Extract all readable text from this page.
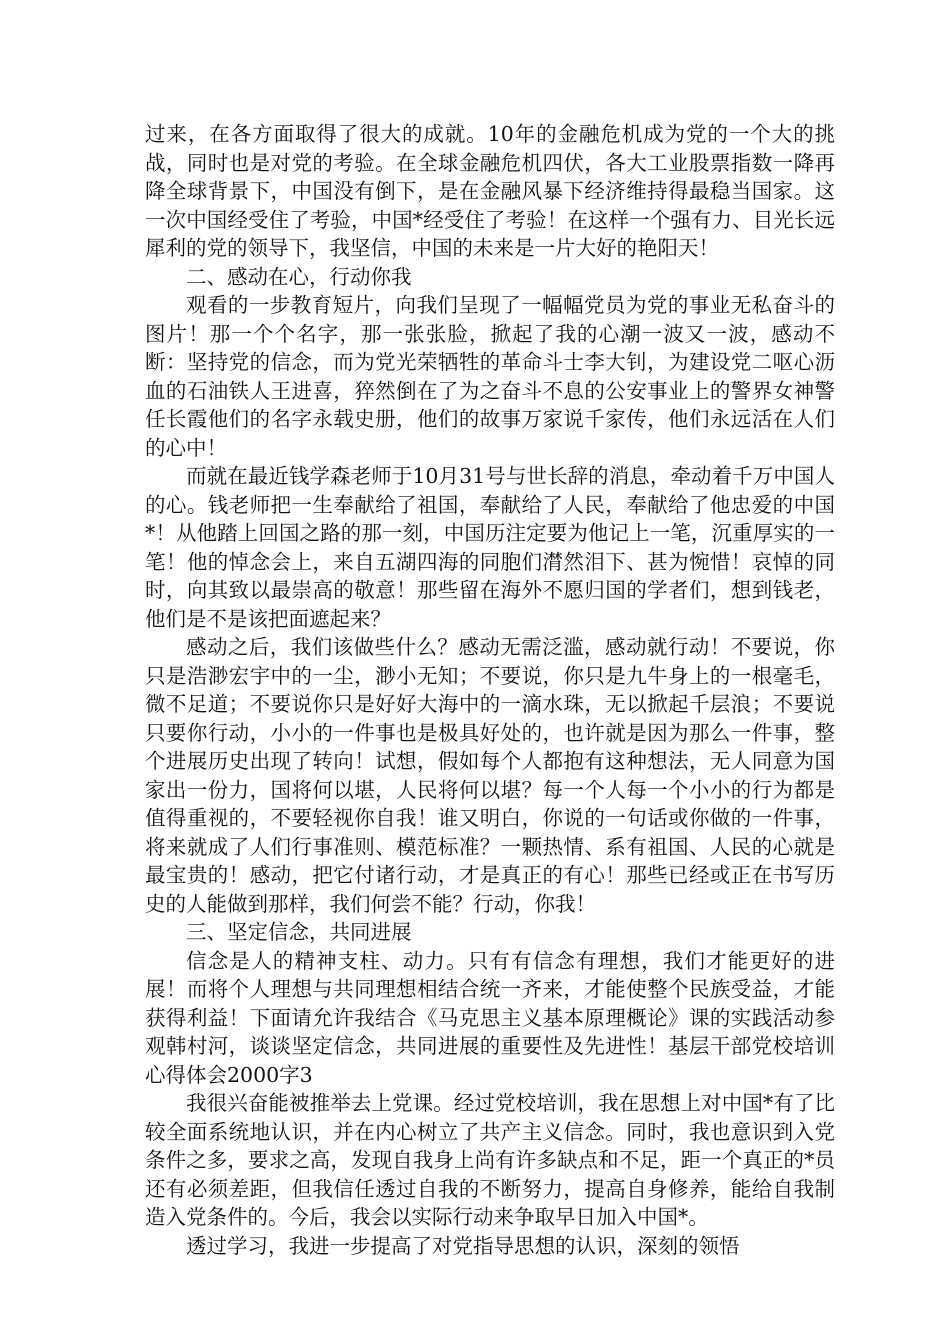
过来，在各方面取得了很大的成就。10年的金融危机成为党的一个大的挑战，同时也是对党的考验。在全球金融危机四伏，各大工业股票指数一降再降全球背景下，中国没有倒下，是在金融风暴下经济维持得最稳当国家。这一次中国经受住了考验，中国*经受住了考验！在这样一个强有力、目光长远犀利的党的领导下，我坚信，中国的未来是一片大好的艳阳天！

二、感动在心，行动你我

观看的一步教育短片，向我们呈现了一幅幅党员为党的事业无私奋斗的图片！那一个个名字，那一张张脸，掀起了我的心潮一波又一波，感动不断：坚持党的信念，而为党光荣牺牲的革命斗士李大钊，为建设党二呕心沥血的石油铁人王进喜，猝然倒在了为之奋斗不息的公安事业上的警界女神警任长霞他们的名字永载史册，他们的故事万家说千家传，他们永远活在人们的心中！

而就在最近钱学森老师于10月31号与世长辞的消息，牵动着千万中国人的心。钱老师把一生奉献给了祖国，奉献给了人民，奉献给了他忠爱的中国*！从他踏上回国之路的那一刻，中国历注定要为他记上一笔，沉重厚实的一笔！他的悼念会上，来自五湖四海的同胞们潸然泪下、甚为惋惜！哀悼的同时，向其致以最崇高的敬意！那些留在海外不愿归国的学者们，想到钱老，他们是不是该把面遮起来？

感动之后，我们该做些什么？感动无需泛滥，感动就行动！不要说，你只是浩渺宏宇中的一尘，渺小无知；不要说，你只是九牛身上的一根毫毛，微不足道；不要说你只是好好大海中的一滴水珠，无以掀起千层浪；不要说只要你行动，小小的一件事也是极具好处的，也许就是因为那么一件事，整个进展历史出现了转向！试想，假如每个人都抱有这种想法，无人同意为国家出一份力，国将何以堪，人民将何以堪？每一个人每一个小小的行为都是值得重视的，不要轻视你自我！谁又明白，你说的一句话或你做的一件事，将来就成了人们行事准则、模范标准？一颗热情、系有祖国、人民的心就是最宝贵的！感动，把它付诸行动，才是真正的有心！那些已经或正在书写历史的人能做到那样，我们何尝不能？行动，你我！

三、坚定信念，共同进展

信念是人的精神支柱、动力。只有有信念有理想，我们才能更好的进展！而将个人理想与共同理想相结合统一齐来，才能使整个民族受益，才能获得利益！下面请允许我结合《马克思主义基本原理概论》课的实践活动参观韩村河，谈谈坚定信念，共同进展的重要性及先进性！基层干部党校培训心得体会2000字3

我很兴奋能被推举去上党课。经过党校培训，我在思想上对中国*有了比较全面系统地认识，并在内心树立了共产主义信念。同时，我也意识到入党条件之多，要求之高，发现自我身上尚有许多缺点和不足，距一个真正的*员还有必须差距，但我信任透过自我的不断努力，提高自身修养，能给自我制造入党条件的。今后，我会以实际行动来争取早日加入中国*。

透过学习，我进一步提高了对党指导思想的认识，深刻的领悟
